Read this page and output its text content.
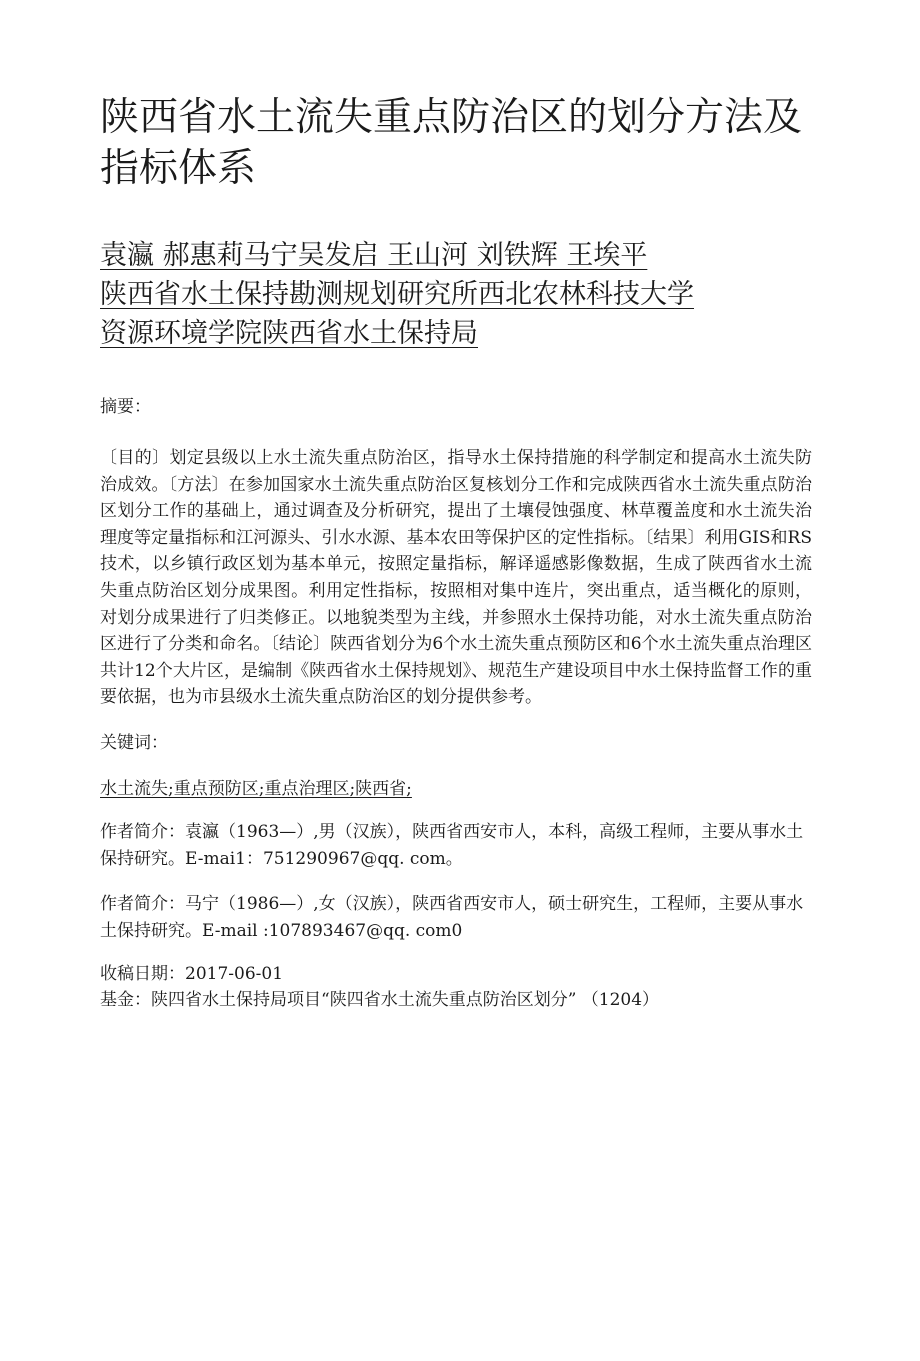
陕西省水土流失重点防治区的划分方法及指标体系
袁瀛 郝惠莉马宁吴发启 王山河 刘铁辉 王埃平
陕西省水土保持勘测规划研究所西北农林科技大学
资源环境学院陕西省水土保持局
摘要：
〔目的〕划定县级以上水土流失重点防治区，指导水土保持措施的科学制定和提高水土流失防治成效。〔方法〕在参加国家水土流失重点防治区复核划分工作和完成陕西省水土流失重点防治区划分工作的基础上，通过调查及分析研究，提出了土壤侵蚀强度、林草覆盖度和水土流失治理度等定量指标和江河源头、引水水源、基本农田等保护区的定性指标。〔结果〕利用GIS和RS技术，以乡镇行政区划为基本单元，按照定量指标，解译遥感影像数据，生成了陕西省水土流失重点防治区划分成果图。利用定性指标，按照相对集中连片，突出重点，适当概化的原则，对划分成果进行了归类修正。以地貌类型为主线，并参照水土保持功能，对水土流失重点防治区进行了分类和命名。〔结论〕陕西省划分为6个水土流失重点预防区和6个水土流失重点治理区共计12个大片区，是编制《陕西省水土保持规划》、规范生产建设项目中水土保持监督工作的重要依据，也为市县级水土流失重点防治区的划分提供参考。
关键词：
水土流失;重点预防区;重点治理区;陕西省;
作者简介：袁瀛（1963—）,男（汉族），陕西省西安市人，本科，高级工程师，主要从事水土保持研究。E-mai1：751290967@qq. com。
作者简介：马宁（1986—）,女（汉族），陕西省西安市人，硕士研究生，工程师，主要从事水土保持研究。E-mail :107893467@qq. com0
收稿日期：2017-06-01
基金：陕四省水土保持局项目“陕四省水土流失重点防治区划分” （1204）
